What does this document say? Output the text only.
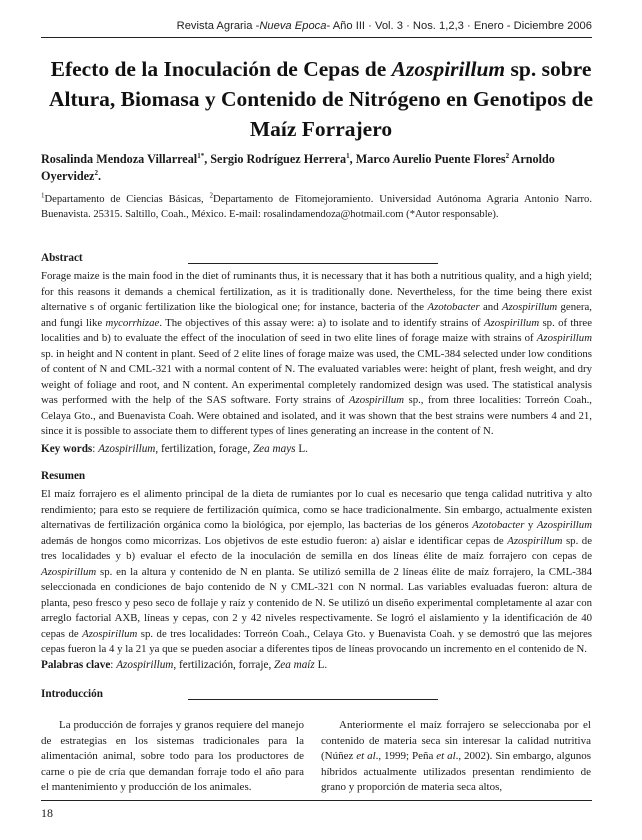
Revista Agraria -Nueva Epoca- Año III · Vol. 3 · Nos. 1,2,3 · Enero - Diciembre 2006
Efecto de la Inoculación de Cepas de Azospirillum sp. sobre Altura, Biomasa y Contenido de Nitrógeno en Genotipos de Maíz Forrajero
Rosalinda Mendoza Villarreal$^{1*}$, Sergio Rodríguez Herrera$^1$, Marco Aurelio Puente Flores$^2$ Arnoldo Oyervidez$^2$.
$^1$Departamento de Ciencias Básicas, $^2$Departamento de Fitomejoramiento. Universidad Autónoma Agraria Antonio Narro. Buenavista. 25315. Saltillo, Coah., México. E-mail: rosalindamendoza@hotmail.com (*Autor responsable).
Abstract
Forage maize is the main food in the diet of ruminants thus, it is necessary that it has both a nutritious quality, and a high yield; for this reasons it demands a chemical fertilization, as it is traditionally done. Nevertheless, for the time being there exist alternative s of organic fertilization like the biological one; for instance, bacteria of the Azotobacter and Azospirillum genera, and fungi like mycorrhizae. The objectives of this assay were: a) to isolate and to identify strains of Azospirillum sp. of three localities and b) to evaluate the effect of the inoculation of seed in two elite lines of forage maize with strains of Azospirillum sp. in height and N content in plant. Seed of 2 elite lines of forage maize was used, the CML-384 selected under low conditions of content of N and CML-321 with a normal content of N. The evaluated variables were: height of plant, fresh weight, and dry weight of foliage and root, and N content. An experimental completely randomized design was used. The statistical analysis was performed with the help of the SAS software. Forty strains of Azospirillum sp., from three localities: Torreón Coah., Celaya Gto., and Buenavista Coah. Were obtained and isolated, and it was shown that the best strains were numbers 4 and 21, since it is possible to associate them to different types of lines generating an increase in the content of N.
Key words: Azospirillum, fertilization, forage, Zea mays L.
Resumen
El maíz forrajero es el alimento principal de la dieta de rumiantes por lo cual es necesario que tenga calidad nutritiva y alto rendimiento; para esto se requiere de fertilización química, como se hace tradicionalmente. Sin embargo, actualmente existen alternativas de fertilización orgánica como la biológica, por ejemplo, las bacterias de los géneros Azotobacter y Azospirillum además de hongos como micorrizas. Los objetivos de este estudio fueron: a) aislar e identificar cepas de Azospirillum sp. de tres localidades y b) evaluar el efecto de la inoculación de semilla en dos líneas élite de maíz forrajero con cepas de Azospirillum sp. en la altura y contenido de N en planta. Se utilizó semilla de 2 líneas élite de maíz forrajero, la CML-384 seleccionada en condiciones de bajo contenido de N y CML-321 con N normal. Las variables evaluadas fueron: altura de planta, peso fresco y peso seco de follaje y raíz y contenido de N. Se utilizó un diseño experimental completamente al azar con arreglo factorial AXB, líneas y cepas, con 2 y 42 niveles respectivamente. Se logró el aislamiento y la identificación de 40 cepas de Azospirillum sp. de tres localidades: Torreón Coah., Celaya Gto. y Buenavista Coah. y se demostró que las mejores cepas fueron la 4 y la 21 ya que se pueden asociar a diferentes tipos de líneas provocando un incremento en el contenido de N.
Palabras clave: Azospirillum, fertilización, forraje, Zea maíz L.
Introducción
La producción de forrajes y granos requiere del manejo de estrategias en los sistemas tradicionales para la alimentación animal, sobre todo para los productores de carne o pie de cría que demandan forraje todo el año para el mantenimiento y producción de los animales.
Anteriormente el maíz forrajero se seleccionaba por el contenido de materia seca sin interesar la calidad nutritiva (Núñez et al., 1999; Peña et al., 2002). Sin embargo, algunos híbridos actualmente utilizados presentan rendimiento de grano y proporción de materia seca altos,
18
